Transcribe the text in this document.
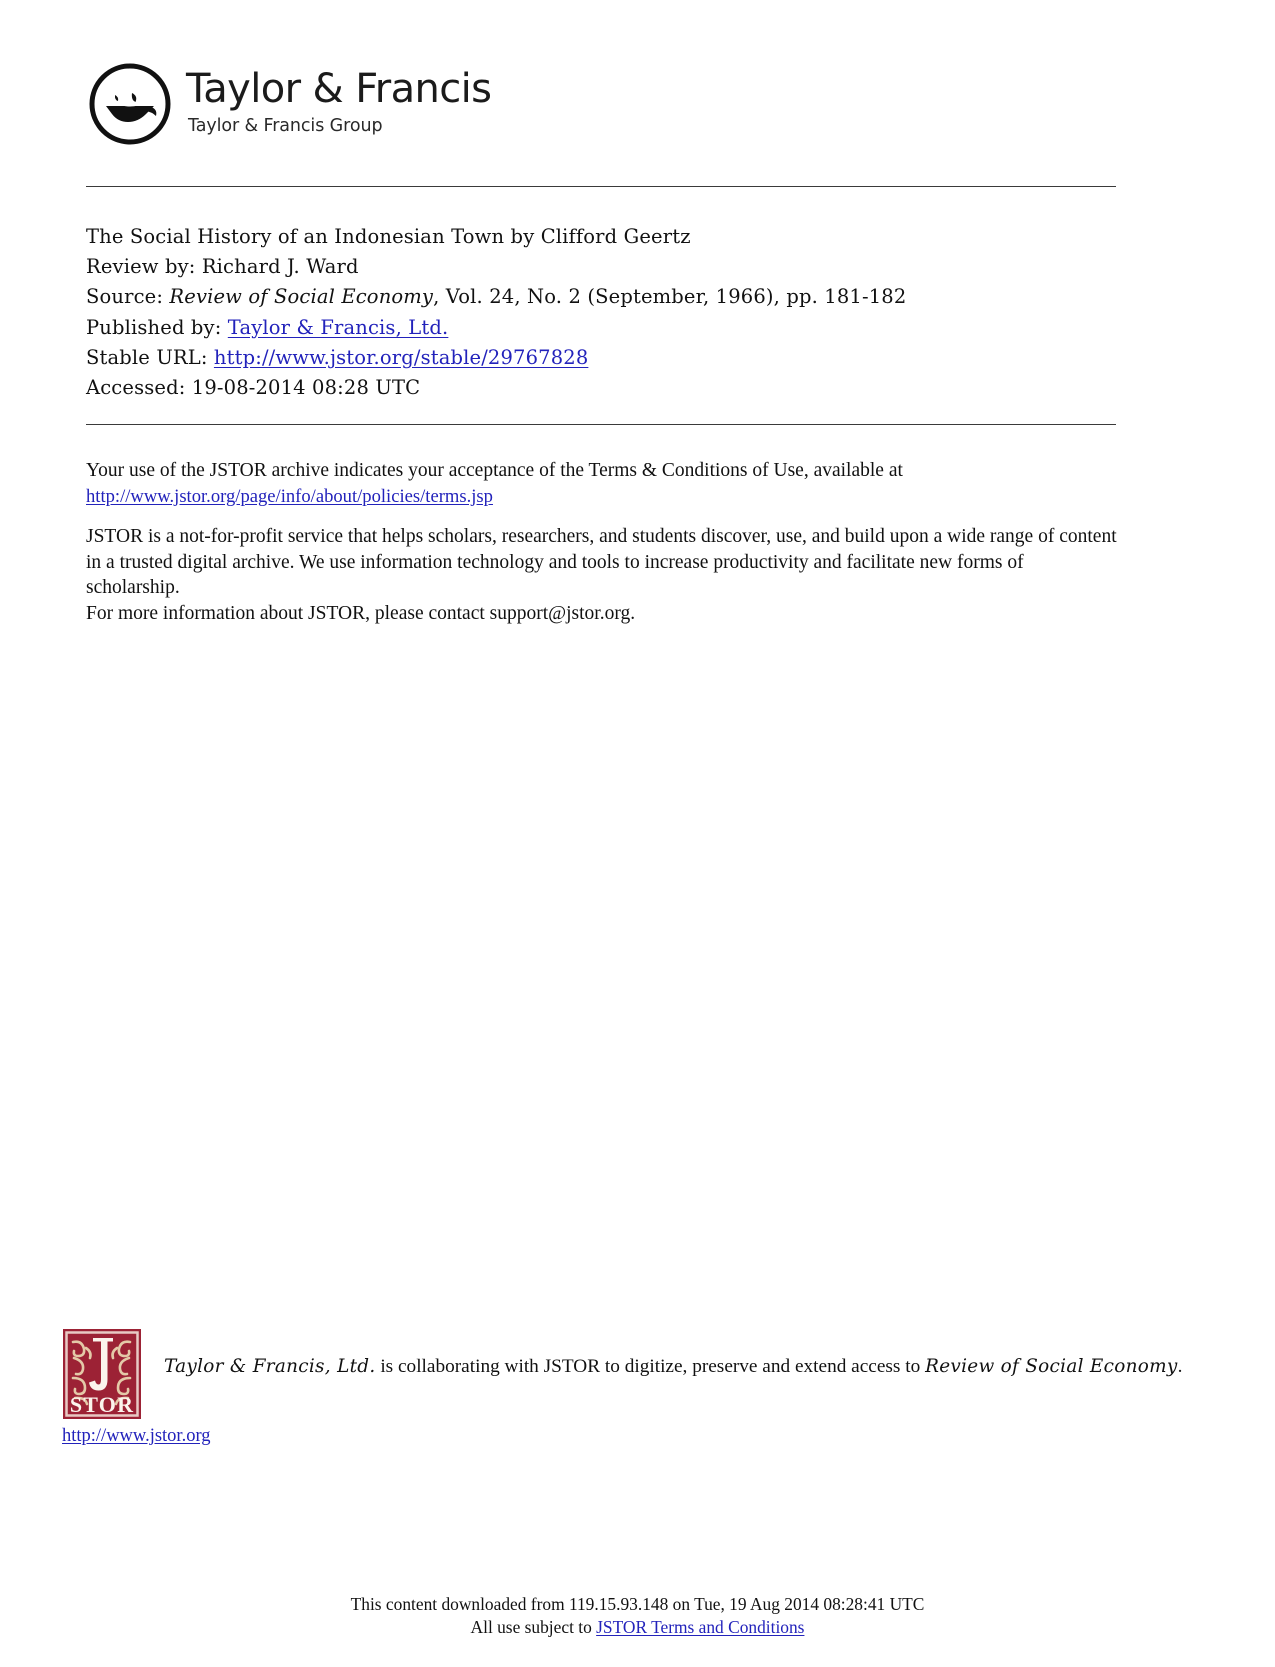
Taylor & Francis
Taylor & Francis Group
The Social History of an Indonesian Town by Clifford Geertz
Review by: Richard J. Ward
Source: Review of Social Economy, Vol. 24, No. 2 (September, 1966), pp. 181-182
Published by: Taylor & Francis, Ltd.
Stable URL: http://www.jstor.org/stable/29767828
Accessed: 19-08-2014 08:28 UTC

Your use of the JSTOR archive indicates your acceptance of the Terms & Conditions of Use, available at

http://www.jstor.org/page/info/about/policies/terms.jsp

JSTOR is a not-for-profit service that helps scholars, researchers, and students discover, use, and build upon a wide range of content

in a trusted digital archive. We use information technology and tools to increase productivity and facilitate new forms of scholarship.

For more information about JSTOR, please contact support@jstor.org.

STOR
http://www.jstor.org
Taylor & Francis, Ltd. is collaborating with JSTOR to digitize, preserve and extend access to Review of Social Economy.
This content downloaded from 119.15.93.148 on Tue, 19 Aug 2014 08:28:41 UTC
All use subject to JSTOR Terms and Conditions
